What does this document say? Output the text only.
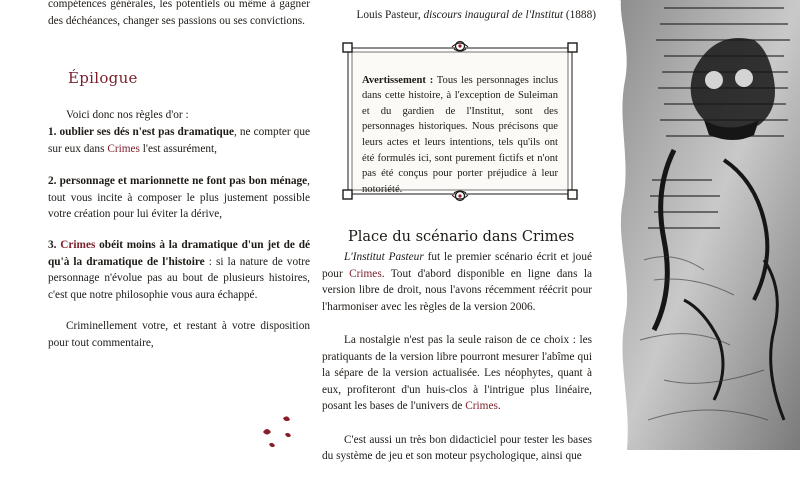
compétences générales, les potentiels ou même à gagner des déchéances, changer ses passions ou ses convictions.

Épilogue

Voici donc nos règles d'or :

1. oublier ses dés n'est pas dramatique, ne compter que sur eux dans Crimes l'est assurément,

2. personnage et marionnette ne font pas bon ménage, tout vous incite à composer le plus justement possible votre création pour lui éviter la dérive,

3. Crimes obéit moins à la dramatique d'un jet de dé qu'à la dramatique de l'histoire : si la nature de votre personnage n'évolue pas au bout de plusieurs histoires, c'est que notre philosophie vous aura échappé.

Criminellement votre, et restant à votre disposition pour tout commentaire,

Louis Pasteur, discours inaugural de l'Institut (1888)

Avertissement : Tous les personnages inclus dans cette histoire, à l'exception de Suleiman et du gardien de l'Institut, sont des personnages historiques. Nous précisons que leurs actes et leurs intentions, tels qu'ils ont été formulés ici, sont purement fictifs et n'ont pas été conçus pour porter préjudice à leur notoriété.

Place du scénario dans Crimes

L'Institut Pasteur fut le premier scénario écrit et joué pour Crimes. Tout d'abord disponible en ligne dans la version libre de droit, nous l'avons récemment réécrit pour l'harmoniser avec les règles de la version 2006.

La nostalgie n'est pas la seule raison de ce choix : les pratiquants de la version libre pourront mesurer l'abîme qui la sépare de la version actualisée. Les néophytes, quant à eux, profiteront d'un huis-clos à l'intrigue plus linéaire, posant les bases de l'univers de Crimes.

C'est aussi un très bon didacticiel pour tester les bases du système de jeu et son moteur psychologique, ainsi que
